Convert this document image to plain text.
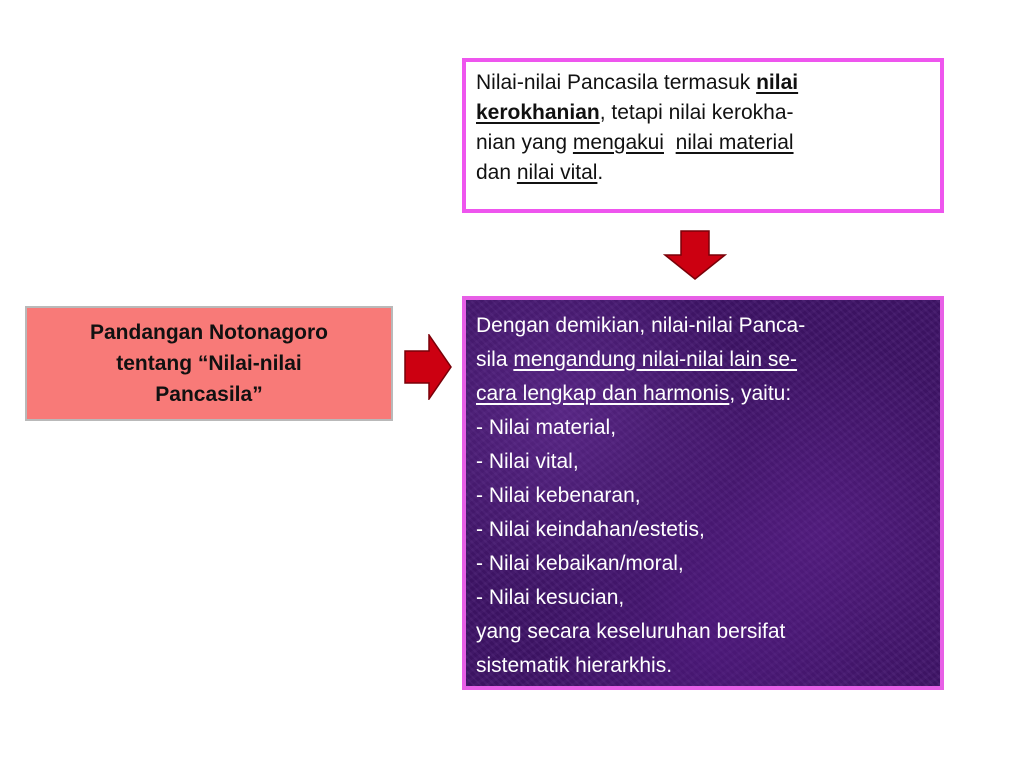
Nilai-nilai Pancasila termasuk nilai
kerokhanian, tetapi nilai kerokha-
nian yang mengakui nilai material
dan nilai vital.
Pandangan Notonagoro
tentang “Nilai-nilai
Pancasila”
Dengan demikian, nilai-nilai Panca-
sila mengandung nilai-nilai lain se-
cara lengkap dan harmonis, yaitu:
- Nilai material,
- Nilai vital,
- Nilai kebenaran,
- Nilai keindahan/estetis,
- Nilai kebaikan/moral,
- Nilai kesucian,
yang secara keseluruhan bersifat
sistematik hierarkhis.
